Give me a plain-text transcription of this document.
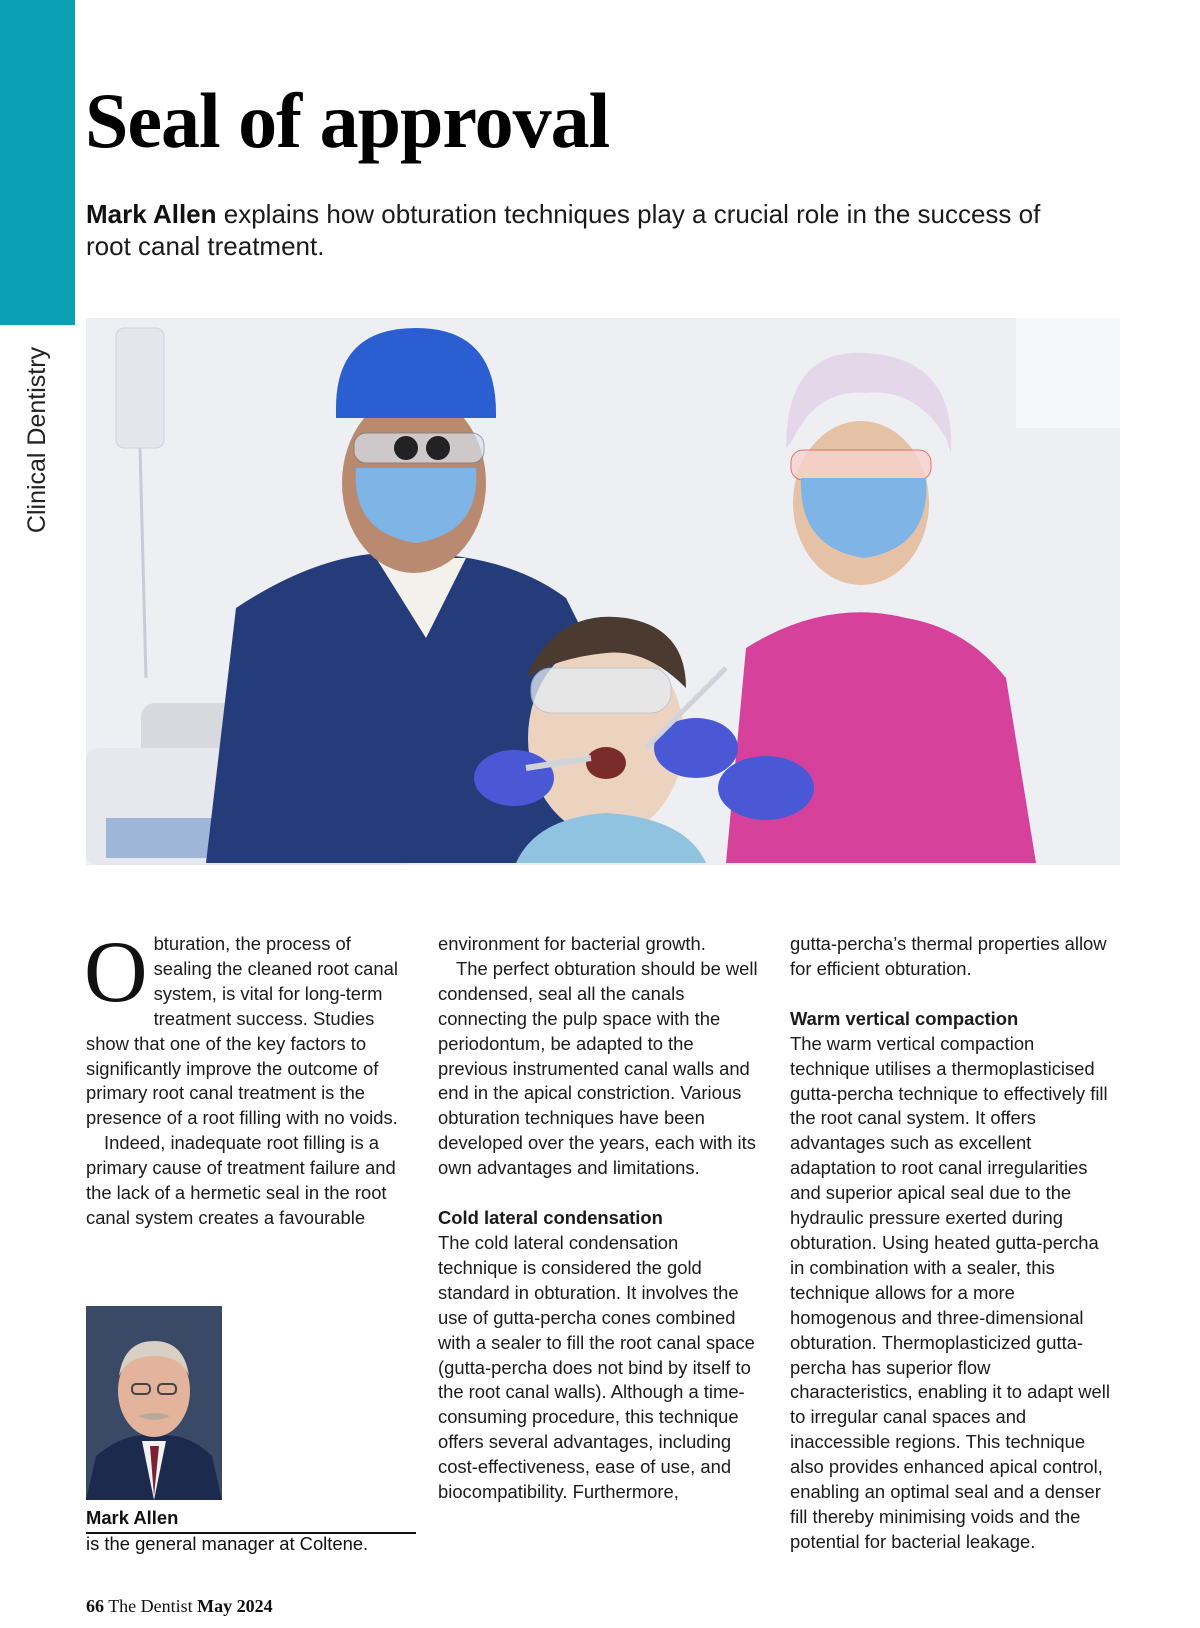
Clinical Dentistry
Seal of approval

Mark Allen explains how obturation techniques play a crucial role in the success of root canal treatment.

Obturation, the process of sealing the cleaned root canal system, is vital for long-term treatment success. Studies show that one of the key factors to significantly improve the outcome of primary root canal treatment is the presence of a root filling with no voids.

Indeed, inadequate root filling is a primary cause of treatment failure and the lack of a hermetic seal in the root canal system creates a favourable

environment for bacterial growth.

The perfect obturation should be well condensed, seal all the canals connecting the pulp space with the periodontum, be adapted to the previous instrumented canal walls and end in the apical constriction. Various obturation techniques have been developed over the years, each with its own advantages and limitations.

Cold lateral condensation

The cold lateral condensation technique is considered the gold standard in obturation. It involves the use of gutta-percha cones combined with a sealer to fill the root canal space (gutta-percha does not bind by itself to the root canal walls). Although a time-consuming procedure, this technique offers several advantages, including cost-effectiveness, ease of use, and biocompatibility. Furthermore,

gutta-percha’s thermal properties allow for efficient obturation.

Warm vertical compaction

The warm vertical compaction technique utilises a thermoplasticised gutta-percha technique to effectively fill the root canal system. It offers advantages such as excellent adaptation to root canal irregularities and superior apical seal due to the hydraulic pressure exerted during obturation. Using heated gutta-percha in combination with a sealer, this technique allows for a more homogenous and three-dimensional obturation. Thermoplasticized gutta-percha has superior flow characteristics, enabling it to adapt well to irregular canal spaces and inaccessible regions. This technique also provides enhanced apical control, enabling an optimal seal and a denser fill thereby minimising voids and the potential for bacterial leakage.

Mark Allen
is the general manager at Coltene.
66 The Dentist May 2024
